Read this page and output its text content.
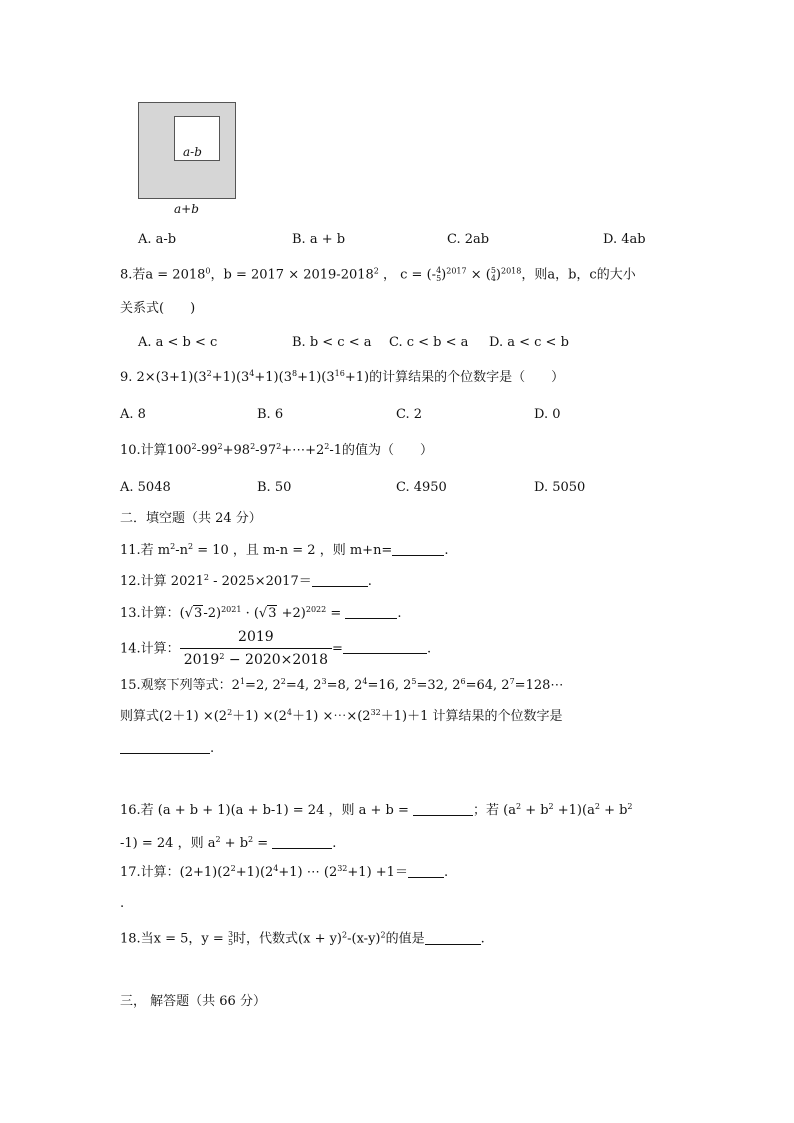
a-b
a+b
A. a-b	B. a + b	C. 2ab	D. 4ab
8.若$a = 2018^0$，$b = 2017 \times 2019-2018^2$ ， c = (- 4
5 )$^{2017}$ × ( 5
4 )$^{2018}$，则a，b，c的大小
关系式(　　)
A. a < b < c	B. b < c < a C. c < b < a D. a < c < b
9. $2\times(3+1)(3^2+1)(3^4+1)(3^8+1)(3^{16}+1)$的计算结果的个位数字是（　　）
A. 8	B. 6	C. 2	D. 0
10.计算$100^2-99^2+98^2-97^2+\cdots+2^2-1$的值为（　　）
A. 5048	B. 50	C. 4950	D. 5050
二．填空题（共 24 分）
11.若 $m^2-n^2 = 10$ ，且 m-n = 2 ，则 m+n=	.
12.计算 2021$^2$ - 2025×2017＝	.
13.计算：$(√3-2)^{2021} \cdot (√3 +2)^{2022}$ =	.
14.计算： $\frac{2019}{2019^2 - 2020\times 2018}$ =	.
15.观察下列等式：$2^1=2$, $2^2=4$, $2^3=8$, $2^4=16$, $2^5=32$, $2^6=64$, $2^7=128\cdots$
则算式$(2+1) \times(2^2+1) \times(2^4+1)$ $\times\cdots\times(2^{32}+1)+1$ 计算结果的个位数字是
.
16.若 (a + b + 1)(a + b-1) = 24 ，则 a + b =	；若 $(a^2 + b^2 +1)(a^2 + b^2$
-1) = 24 ，则 $a^2 + b^2$ =	.
17.计算：$(2+1)(2^2+1)(2^4+1)$ ⋯ $(2^{32}+1) +1=$	.
.
18.当x = 5，y = 3
5 时，代数式$(x + y)^2-(x-y)^2$的值是	.
三， 解答题（共 66 分）
